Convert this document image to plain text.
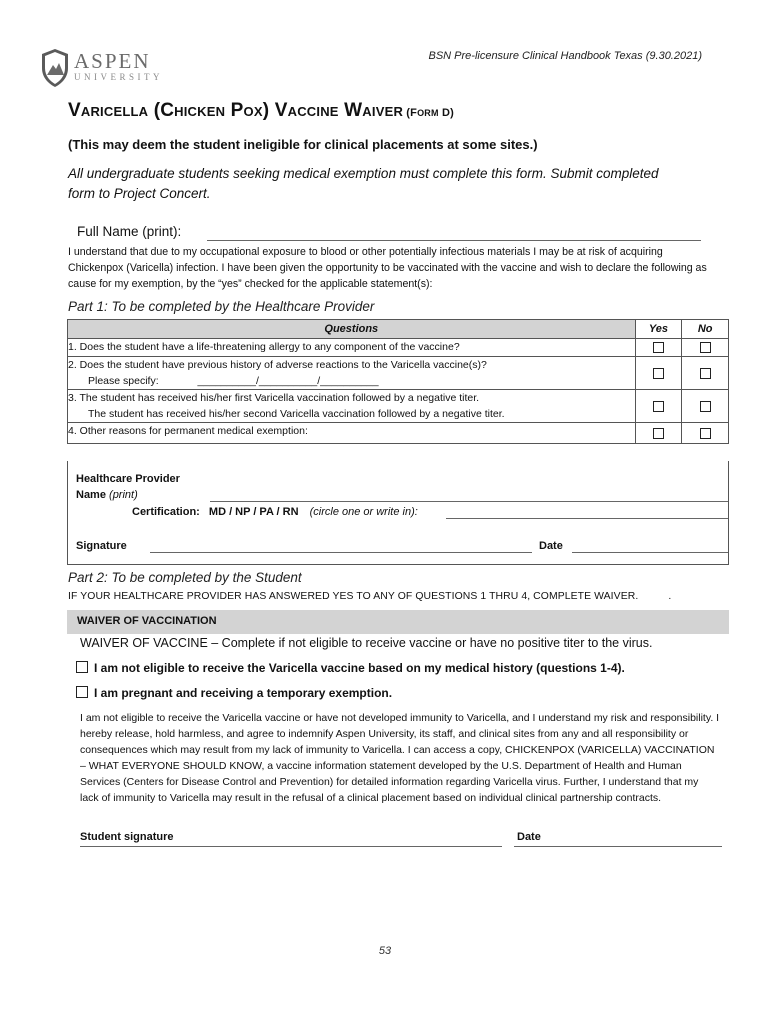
ASPEN
UNIVERSITY
BSN Pre-licensure Clinical Handbook Texas (9.30.2021)
VARICELLA (CHICKEN POX) VACCINE WAIVER (FORM D)
(This may deem the student ineligible for clinical placements at some sites.)
All undergraduate students seeking medical exemption must complete this form. Submit completed form to Project Concert.
Full Name (print):
I understand that due to my occupational exposure to blood or other potentially infectious materials I may be at risk of acquiring Chickenpox (Varicella) infection. I have been given the opportunity to be vaccinated with the vaccine and wish to declare the following as cause for my exemption, by the “yes” checked for the applicable statement(s):
Part 1: To be completed by the Healthcare Provider
Questions	Yes	No
1. Does the student have a life-threatening allergy to any component of the vaccine?		

2. Does the student have previous history of adverse reactions to the Varicella vaccine(s)?
Please specify: __________/__________/__________		

3. The student has received his/her first Varicella vaccination followed by a negative titer.
The student has received his/her second Varicella vaccination followed by a negative titer.		

4. Other reasons for permanent medical exemption:		
Healthcare Provider
Name (print)
Certification: MD / NP / PA / RN (circle one or write in):
Signature	Date
Part 2: To be completed by the Student
IF YOUR HEALTHCARE PROVIDER HAS ANSWERED YES TO ANY OF QUESTIONS 1 THRU 4, COMPLETE WAIVER.	.
WAIVER OF VACCINATION
WAIVER OF VACCINE – Complete if not eligible to receive vaccine or have no positive titer to the virus.
I am not eligible to receive the Varicella vaccine based on my medical history (questions 1-4).
I am pregnant and receiving a temporary exemption.
I am not eligible to receive the Varicella vaccine or have not developed immunity to Varicella, and I understand my risk and responsibility. I hereby release, hold harmless, and agree to indemnify Aspen University, its staff, and clinical sites from any and all responsibility or consequences which may result from my lack of immunity to Varicella. I can access a copy, CHICKENPOX (VARICELLA) VACCINATION – WHAT EVERYONE SHOULD KNOW, a vaccine information statement developed by the U.S. Department of Health and Human Services (Centers for Disease Control and Prevention) for detailed information regarding Varicella virus. Further, I understand that my lack of immunity to Varicella may result in the refusal of a clinical placement based on individual clinical partnership contracts.
Student signature	Date
53
